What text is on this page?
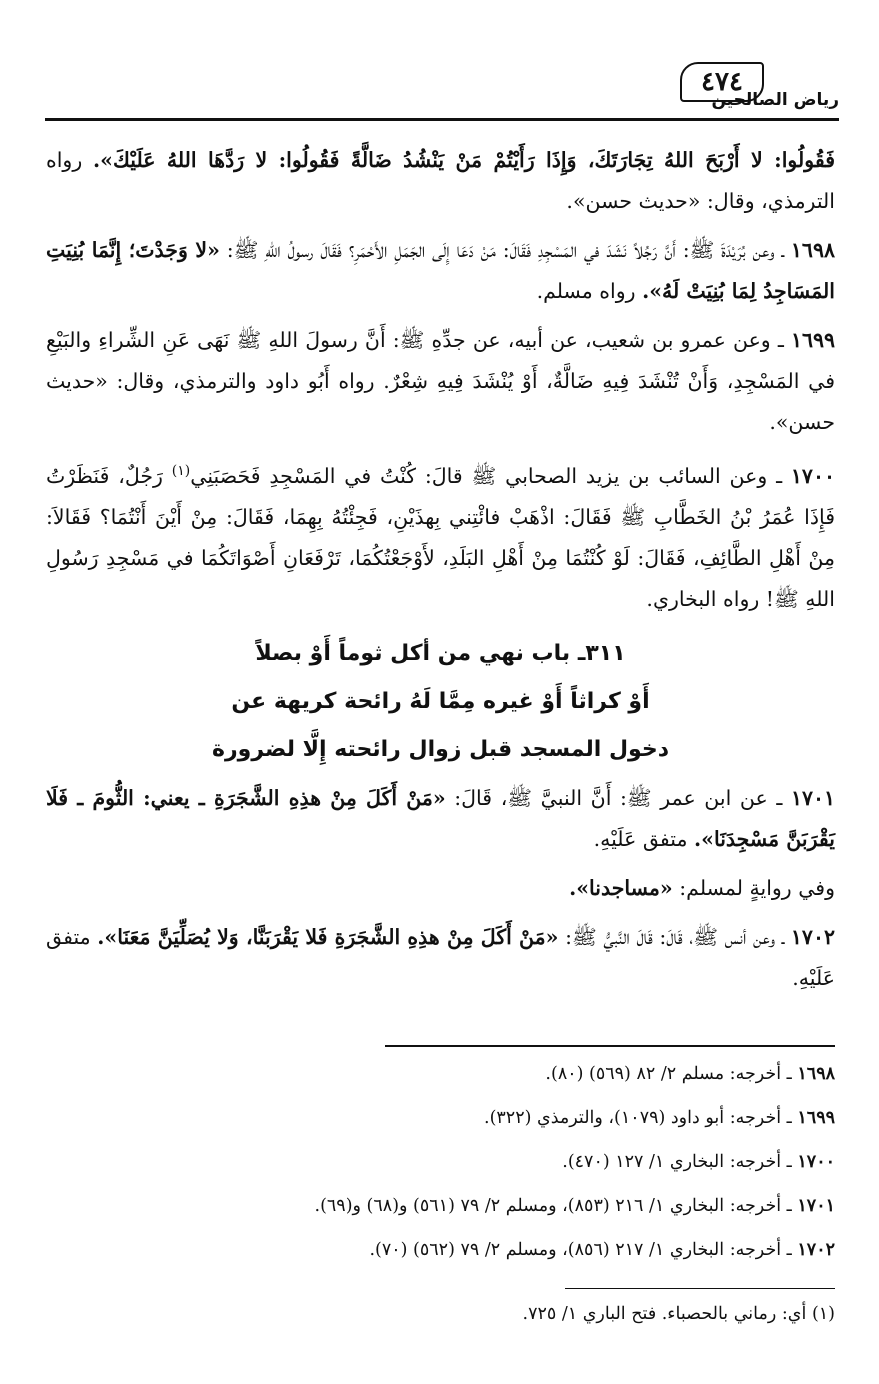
٤٧٤
رياض الصالحين

فَقُولُوا: لا أَرْبَحَ اللهُ تِجَارَتَكَ، وَإِذَا رَأَيْتُمْ مَنْ يَنْشُدُ ضَالَّةً فَقُولُوا: لا رَدَّهَا اللهُ عَلَيْكَ». رواه الترمذي، وقال: «حديث حسن».

١٦٩٨ ـ وعن بُرَيْدَةَ ﷺ: أَنَّ رَجُلاً نَشَدَ في المَسْجِدِ فَقَالَ: مَنْ دَعَا إِلَى الجَمَلِ الأَحْمَرِ؟ فَقَالَ رسولُ اللهِ ﷺ: «لا وَجَدْتَ؛ إِنَّمَا بُنِيَتِ المَسَاجِدُ لِمَا بُنِيَتْ لَهُ». رواه مسلم.

١٦٩٩ ـ وعن عمرو بن شعيب، عن أبيه، عن جدِّهِ ﷺ: أَنَّ رسولَ اللهِ ﷺ نَهَى عَنِ الشِّراءِ والبَيْعِ في المَسْجِدِ، وَأَنْ تُنْشَدَ فِيهِ ضَالَّةٌ، أَوْ يُنْشَدَ فِيهِ شِعْرٌ. رواه أَبُو داود والترمذي، وقال: «حديث حسن».

١٧٠٠ ـ وعن السائب بن يزيد الصحابي ﷺ قالَ: كُنْتُ في المَسْجِدِ فَحَصَبَنِي$^{(١)}$ رَجُلٌ، فَنَظَرْتُ فَإِذَا عُمَرُ بْنُ الخَطَّابِ ﷺ فَقَالَ: اذْهَبْ فائْتِني بِهذَيْنِ، فَجِئْتُهُ بِهِمَا، فَقَالَ: مِنْ أَيْنَ أَنْتُمَا؟ فَقَالاَ: مِنْ أَهْلِ الطَّائِفِ، فَقَالَ: لَوْ كُنْتُمَا مِنْ أَهْلِ البَلَدِ، لأَوْجَعْتُكُمَا، تَرْفَعَانِ أَصْوَاتَكُمَا في مَسْجِدِ رَسُولِ اللهِ ﷺ! رواه البخاري.

٣١١ـ باب نهي من أكل ثوماً أَوْ بصلاً
أَوْ كراثاً أَوْ غيره مِمَّا لَهُ رائحة كريهة عن
دخول المسجد قبل زوال رائحته إِلَّا لضرورة

١٧٠١ ـ عن ابن عمر ﷺ: أَنَّ النبيَّ ﷺ، قَالَ: «مَنْ أَكَلَ مِنْ هذِهِ الشَّجَرَةِ ـ يعني: الثُّومَ ـ فَلَا يَقْرَبَنَّ مَسْجِدَنَا». متفق عَلَيْهِ.

وفي روايةٍ لمسلم: «مساجدنا».

١٧٠٢ ـ وعن أنس ﷺ، قَالَ: قَالَ النَّبيُّ ﷺ: «مَنْ أَكَلَ مِنْ هذِهِ الشَّجَرَةِ فَلا يَقْرَبَنَّا، وَلا يُصَلِّيَنَّ مَعَنَا». متفق عَلَيْهِ.

١٦٩٨ ـ أخرجه: مسلم ٢/ ٨٢ (٥٦٩) (٨٠).

١٦٩٩ ـ أخرجه: أبو داود (١٠٧٩)، والترمذي (٣٢٢).

١٧٠٠ ـ أخرجه: البخاري ١/ ١٢٧ (٤٧٠).

١٧٠١ ـ أخرجه: البخاري ١/ ٢١٦ (٨٥٣)، ومسلم ٢/ ٧٩ (٥٦١) و(٦٨) و(٦٩).

١٧٠٢ ـ أخرجه: البخاري ١/ ٢١٧ (٨٥٦)، ومسلم ٢/ ٧٩ (٥٦٢) (٧٠).

(١) أي: رماني بالحصباء. فتح الباري ١/ ٧٢٥.
